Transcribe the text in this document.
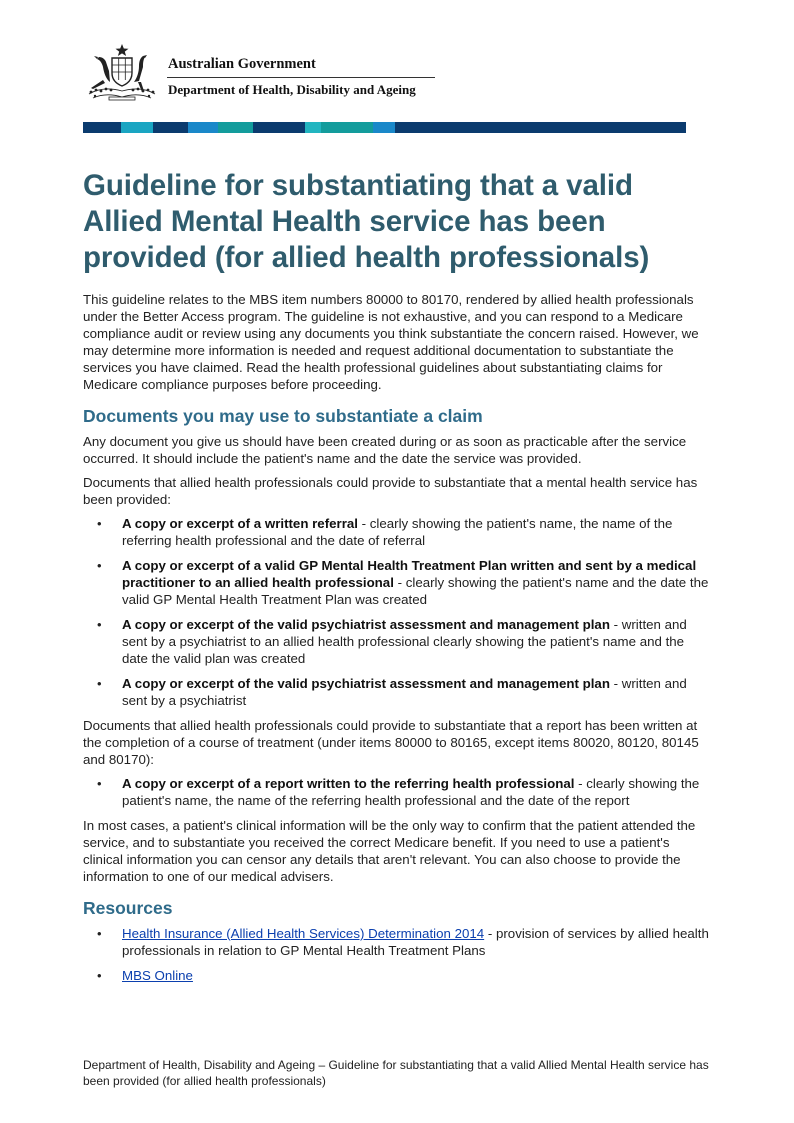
Australian Government
Department of Health, Disability and Ageing
Guideline for substantiating that a valid Allied Mental Health service has been provided (for allied health professionals)

This guideline relates to the MBS item numbers 80000 to 80170, rendered by allied health professionals under the Better Access program. The guideline is not exhaustive, and you can respond to a Medicare compliance audit or review using any documents you think substantiate the concern raised. However, we may determine more information is needed and request additional documentation to substantiate the services you have claimed. Read the health professional guidelines about substantiating claims for Medicare compliance purposes before proceeding.

Documents you may use to substantiate a claim

Any document you give us should have been created during or as soon as practicable after the service occurred. It should include the patient's name and the date the service was provided.

Documents that allied health professionals could provide to substantiate that a mental health service has been provided:

• A copy or excerpt of a written referral - clearly showing the patient's name, the name of the referring health professional and the date of referral
• A copy or excerpt of a valid GP Mental Health Treatment Plan written and sent by a medical practitioner to an allied health professional - clearly showing the patient's name and the date the valid GP Mental Health Treatment Plan was created
• A copy or excerpt of the valid psychiatrist assessment and management plan - written and sent by a psychiatrist to an allied health professional clearly showing the patient's name and the date the valid plan was created
• A copy or excerpt of the valid psychiatrist assessment and management plan - written and sent by a psychiatrist

Documents that allied health professionals could provide to substantiate that a report has been written at the completion of a course of treatment (under items 80000 to 80165, except items 80020, 80120, 80145 and 80170):

• A copy or excerpt of a report written to the referring health professional - clearly showing the patient's name, the name of the referring health professional and the date of the report

In most cases, a patient's clinical information will be the only way to confirm that the patient attended the service, and to substantiate you received the correct Medicare benefit. If you need to use a patient's clinical information you can censor any details that aren't relevant. You can also choose to provide the information to one of our medical advisers.

Resources
• Health Insurance (Allied Health Services) Determination 2014 - provision of services by allied health professionals in relation to GP Mental Health Treatment Plans
• MBS Online
Department of Health, Disability and Ageing – Guideline for substantiating that a valid Allied Mental Health service has been provided (for allied health professionals)
